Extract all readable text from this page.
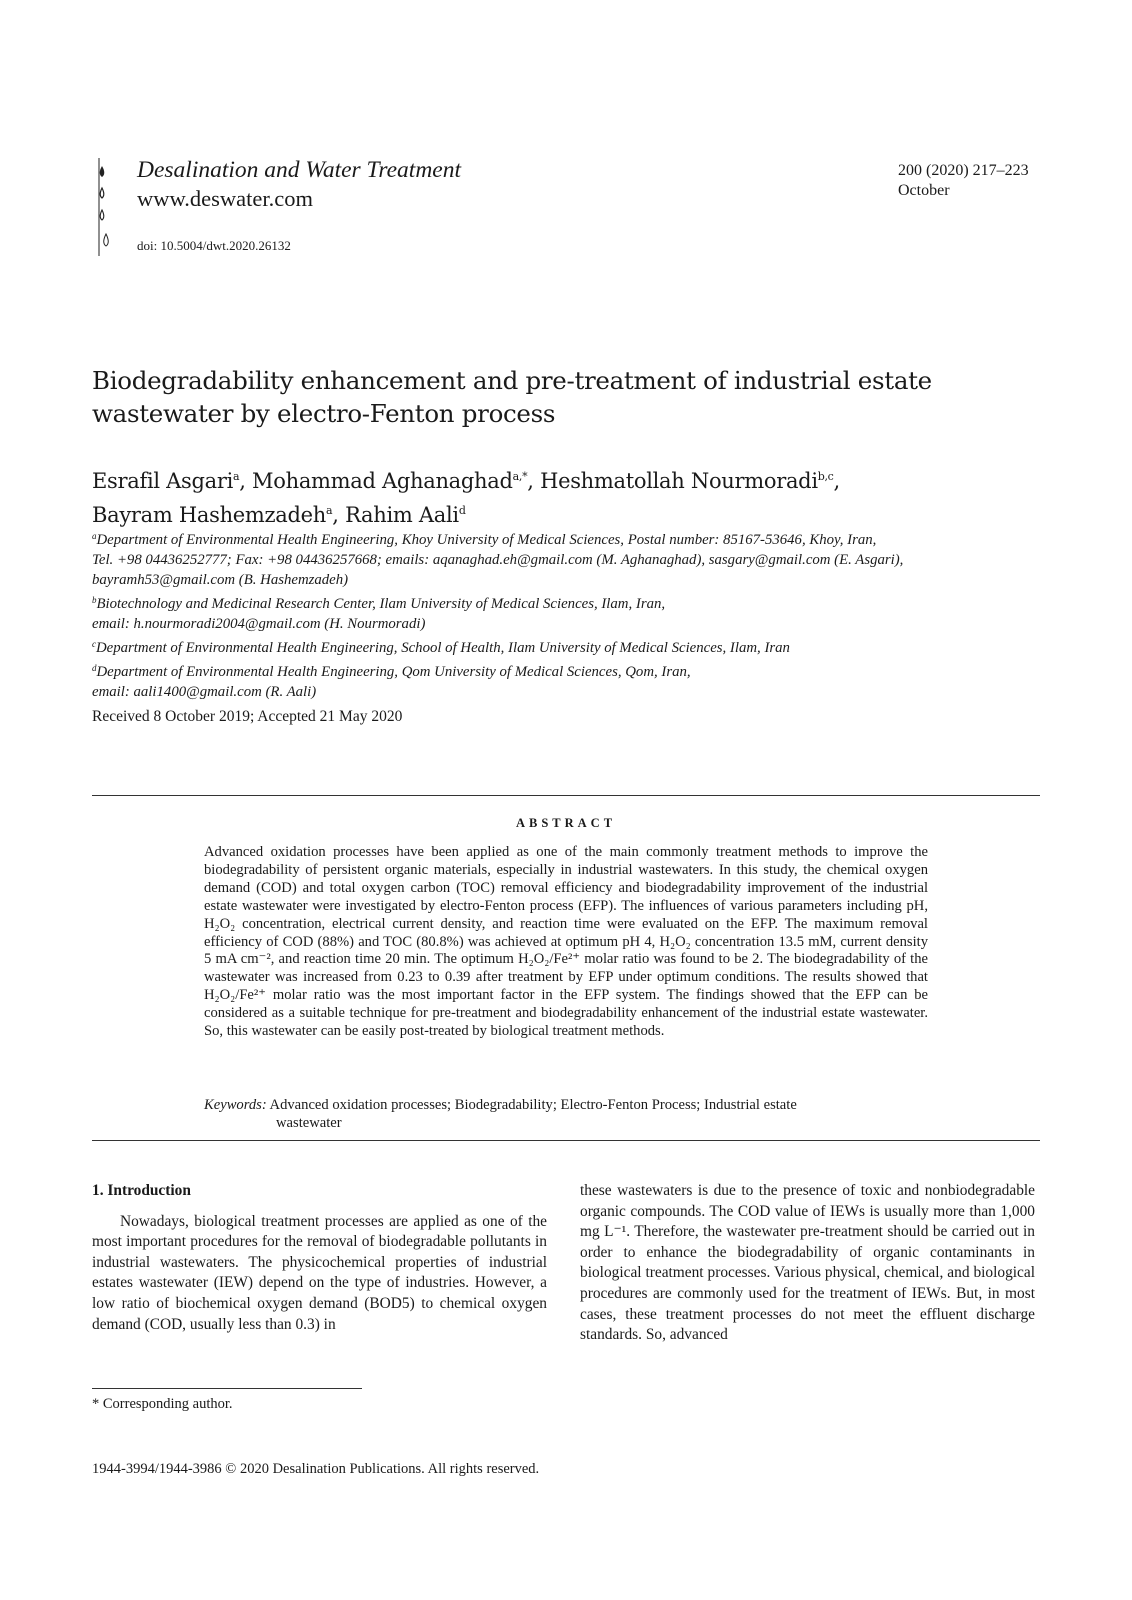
Desalination and Water Treatment
www.deswater.com
doi: 10.5004/dwt.2020.26132
200 (2020) 217–223
October
Biodegradability enhancement and pre-treatment of industrial estate
wastewater by electro-Fenton process
Esrafil Asgari$^a$, Mohammad Aghanaghad$^{a,*}$, Heshmatollah Nourmoradi$^{b,c}$,
Bayram Hashemzadeh$^a$, Rahim Aali$^d$
$^a$Department of Environmental Health Engineering, Khoy University of Medical Sciences, Postal number: 85167-53646, Khoy, Iran,
Tel. +98 04436252777; Fax: +98 04436257668; emails: aqanaghad.eh@gmail.com (M. Aghanaghad), sasgary@gmail.com (E. Asgari),
bayramh53@gmail.com (B. Hashemzadeh)
$^b$Biotechnology and Medicinal Research Center, Ilam University of Medical Sciences, Ilam, Iran,
email: h.nourmoradi2004@gmail.com (H. Nourmoradi)
$^c$Department of Environmental Health Engineering, School of Health, Ilam University of Medical Sciences, Ilam, Iran
$^d$Department of Environmental Health Engineering, Qom University of Medical Sciences, Qom, Iran,
email: aali1400@gmail.com (R. Aali)
Received 8 October 2019; Accepted 21 May 2020
ABSTRACT
Advanced oxidation processes have been applied as one of the main commonly treatment methods to improve the biodegradability of persistent organic materials, especially in industrial wastewaters. In this study, the chemical oxygen demand (COD) and total oxygen carbon (TOC) removal efficiency and biodegradability improvement of the industrial estate wastewater were investigated by electro-Fenton process (EFP). The influences of various parameters including pH, H₂O₂ concentration, electrical current density, and reaction time were evaluated on the EFP. The maximum removal efficiency of COD (88%) and TOC (80.8%) was achieved at optimum pH 4, H₂O₂ concentration 13.5 mM, current density 5 mA cm⁻², and reaction time 20 min. The optimum H₂O₂/Fe²⁺ molar ratio was found to be 2. The biodegradability of the wastewater was increased from 0.23 to 0.39 after treatment by EFP under optimum conditions. The results showed that H₂O₂/Fe²⁺ molar ratio was the most important factor in the EFP system. The findings showed that the EFP can be considered as a suitable technique for pre-treatment and biodegradability enhancement of the industrial estate wastewater. So, this wastewater can be easily post-treated by biological treatment methods.
Keywords: Advanced oxidation processes; Biodegradability; Electro-Fenton Process; Industrial estate
wastewater
1. Introduction
Nowadays, biological treatment processes are applied as one of the most important procedures for the removal of biodegradable pollutants in industrial wastewaters. The physicochemical properties of industrial estates wastewater (IEW) depend on the type of industries. However, a low ratio of biochemical oxygen demand (BOD5) to chemical oxygen demand (COD, usually less than 0.3) in
these wastewaters is due to the presence of toxic and nonbiodegradable organic compounds. The COD value of IEWs is usually more than 1,000 mg L⁻¹. Therefore, the wastewater pre-treatment should be carried out in order to enhance the biodegradability of organic contaminants in biological treatment processes. Various physical, chemical, and biological procedures are commonly used for the treatment of IEWs. But, in most cases, these treatment processes do not meet the effluent discharge standards. So, advanced
* Corresponding author.
1944-3994/1944-3986 © 2020 Desalination Publications. All rights reserved.
